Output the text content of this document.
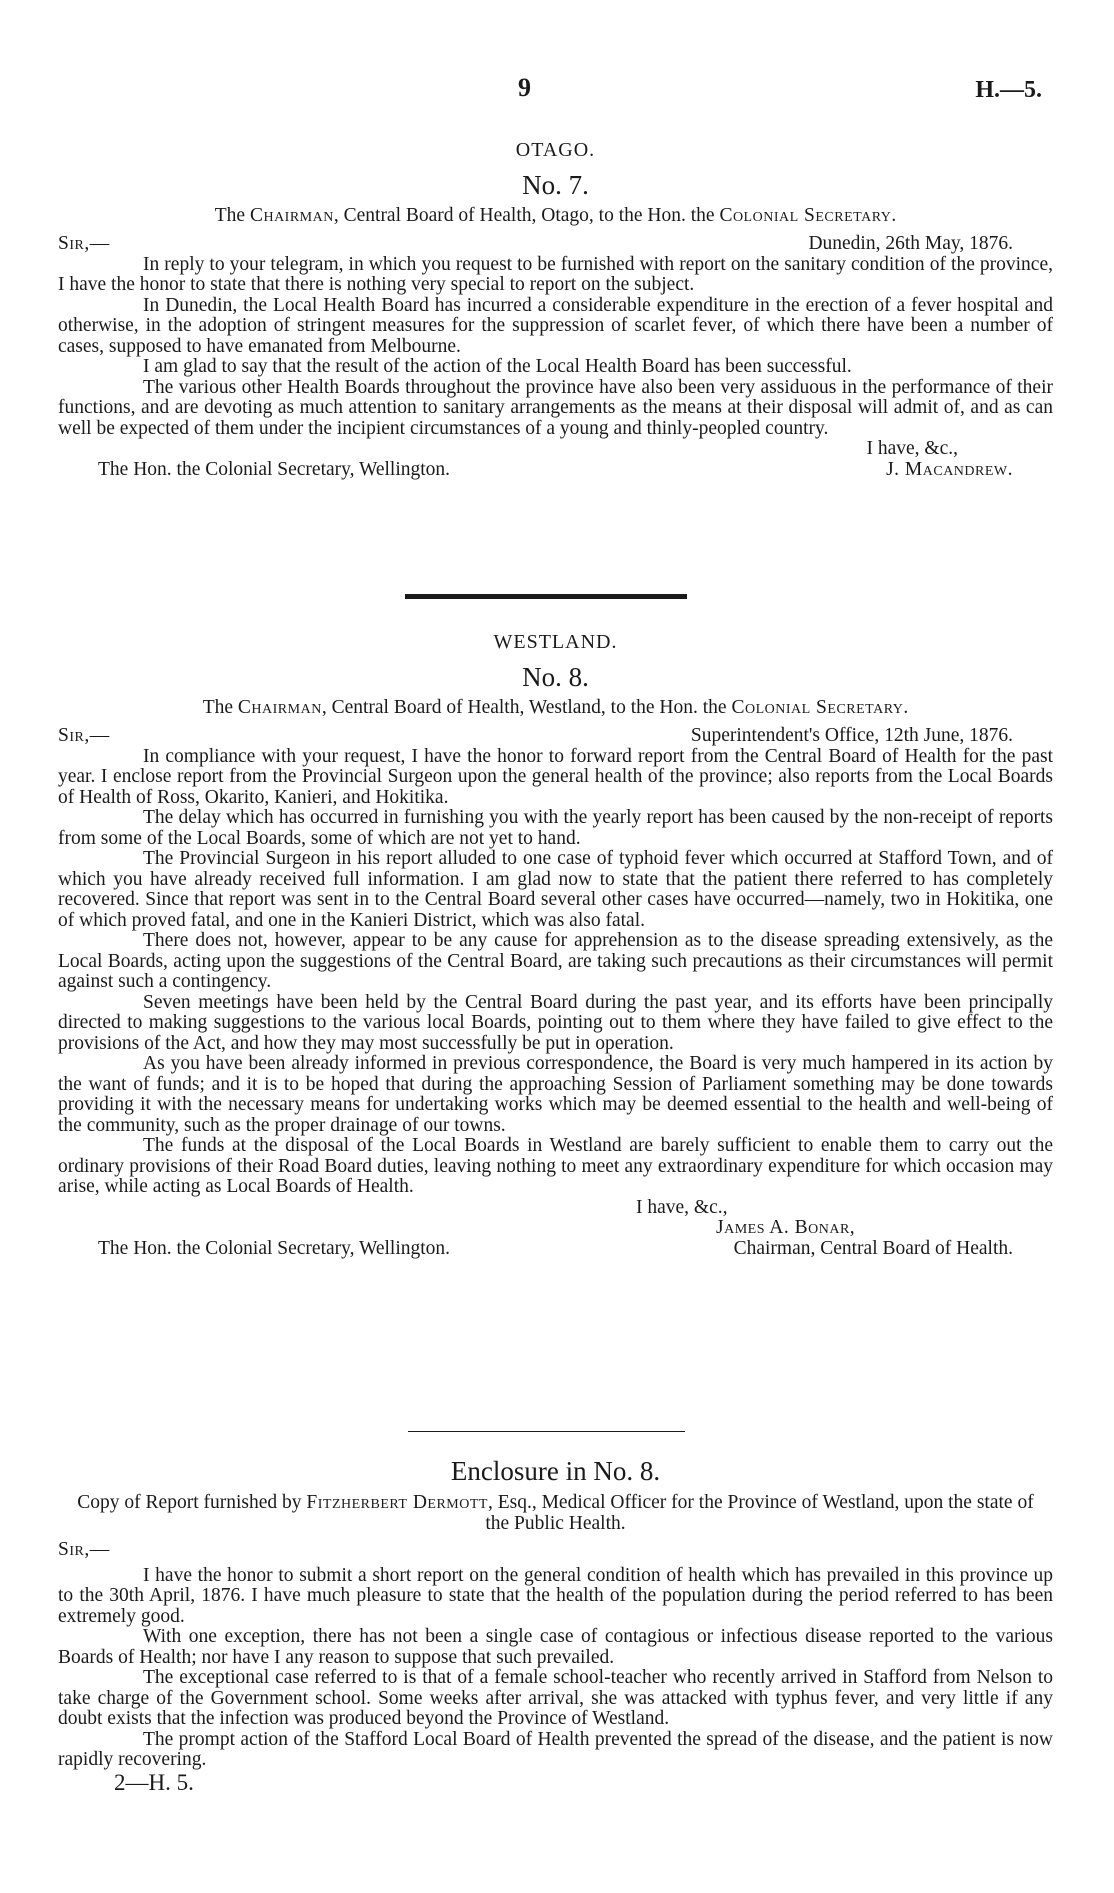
9	H.—5.
OTAGO.
No. 7.
The Chairman, Central Board of Health, Otago, to the Hon. the Colonial Secretary.
Sir,—	Dunedin, 26th May, 1876.

In reply to your telegram, in which you request to be furnished with report on the sanitary condition of the province, I have the honor to state that there is nothing very special to report on the subject.

In Dunedin, the Local Health Board has incurred a considerable expenditure in the erection of a fever hospital and otherwise, in the adoption of stringent measures for the suppression of scarlet fever, of which there have been a number of cases, supposed to have emanated from Melbourne.

I am glad to say that the result of the action of the Local Health Board has been successful.

The various other Health Boards throughout the province have also been very assiduous in the performance of their functions, and are devoting as much attention to sanitary arrangements as the means at their disposal will admit of, and as can well be expected of them under the incipient circumstances of a young and thinly-peopled country.

I have, &c.,
The Hon. the Colonial Secretary, Wellington.	J. Macandrew.
WESTLAND.
No. 8.
The Chairman, Central Board of Health, Westland, to the Hon. the Colonial Secretary.
Sir,—	Superintendent's Office, 12th June, 1876.

In compliance with your request, I have the honor to forward report from the Central Board of Health for the past year. I enclose report from the Provincial Surgeon upon the general health of the province; also reports from the Local Boards of Health of Ross, Okarito, Kanieri, and Hokitika.

The delay which has occurred in furnishing you with the yearly report has been caused by the non-receipt of reports from some of the Local Boards, some of which are not yet to hand.

The Provincial Surgeon in his report alluded to one case of typhoid fever which occurred at Stafford Town, and of which you have already received full information. I am glad now to state that the patient there referred to has completely recovered. Since that report was sent in to the Central Board several other cases have occurred—namely, two in Hokitika, one of which proved fatal, and one in the Kanieri District, which was also fatal.

There does not, however, appear to be any cause for apprehension as to the disease spreading extensively, as the Local Boards, acting upon the suggestions of the Central Board, are taking such precautions as their circumstances will permit against such a contingency.

Seven meetings have been held by the Central Board during the past year, and its efforts have been principally directed to making suggestions to the various local Boards, pointing out to them where they have failed to give effect to the provisions of the Act, and how they may most successfully be put in operation.

As you have been already informed in previous correspondence, the Board is very much hampered in its action by the want of funds; and it is to be hoped that during the approaching Session of Parliament something may be done towards providing it with the necessary means for undertaking works which may be deemed essential to the health and well-being of the community, such as the proper drainage of our towns.

The funds at the disposal of the Local Boards in Westland are barely sufficient to enable them to carry out the ordinary provisions of their Road Board duties, leaving nothing to meet any extraordinary expenditure for which occasion may arise, while acting as Local Boards of Health.

I have, &c.,
James A. Bonar,
The Hon. the Colonial Secretary, Wellington.	Chairman, Central Board of Health.
Enclosure in No. 8.
Copy of Report furnished by Fitzherbert Dermott, Esq., Medical Officer for the Province of Westland, upon the state of the Public Health.
Sir,—

I have the honor to submit a short report on the general condition of health which has prevailed in this province up to the 30th April, 1876. I have much pleasure to state that the health of the population during the period referred to has been extremely good.

With one exception, there has not been a single case of contagious or infectious disease reported to the various Boards of Health; nor have I any reason to suppose that such prevailed.

The exceptional case referred to is that of a female school-teacher who recently arrived in Stafford from Nelson to take charge of the Government school. Some weeks after arrival, she was attacked with typhus fever, and very little if any doubt exists that the infection was produced beyond the Province of Westland.

The prompt action of the Stafford Local Board of Health prevented the spread of the disease, and the patient is now rapidly recovering.

2—H. 5.
